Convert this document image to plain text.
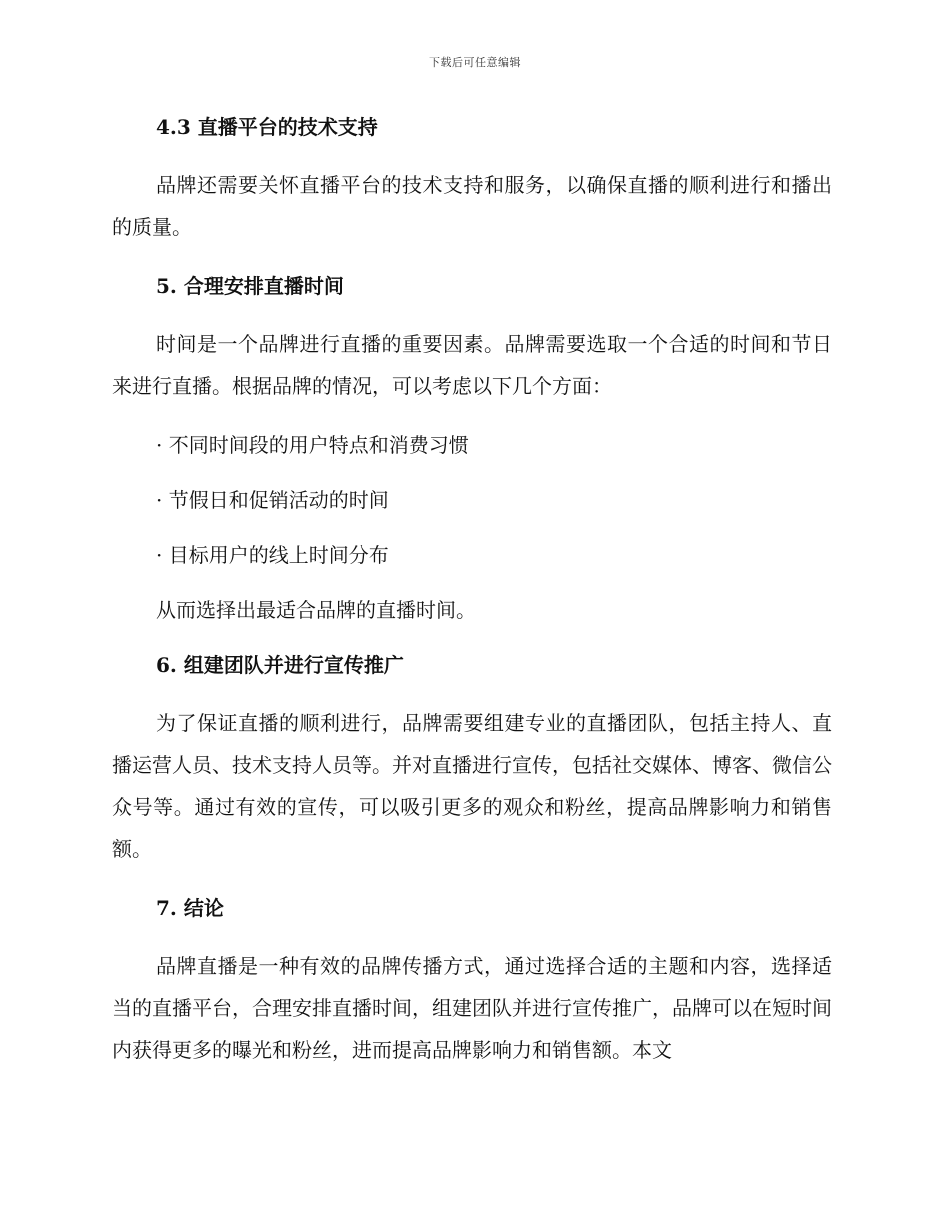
下载后可任意编辑
4.3 直播平台的技术支持

品牌还需要关怀直播平台的技术支持和服务，以确保直播的顺利进行和播出的质量。

5. 合理安排直播时间

时间是一个品牌进行直播的重要因素。品牌需要选取一个合适的时间和节日来进行直播。根据品牌的情况，可以考虑以下几个方面：

· 不同时间段的用户特点和消费习惯

· 节假日和促销活动的时间

· 目标用户的线上时间分布

从而选择出最适合品牌的直播时间。

6. 组建团队并进行宣传推广

为了保证直播的顺利进行，品牌需要组建专业的直播团队，包括主持人、直播运营人员、技术支持人员等。并对直播进行宣传，包括社交媒体、博客、微信公众号等。通过有效的宣传，可以吸引更多的观众和粉丝，提高品牌影响力和销售额。

7. 结论

品牌直播是一种有效的品牌传播方式，通过选择合适的主题和内容，选择适当的直播平台，合理安排直播时间，组建团队并进行宣传推广，品牌可以在短时间内获得更多的曝光和粉丝，进而提高品牌影响力和销售额。本文
